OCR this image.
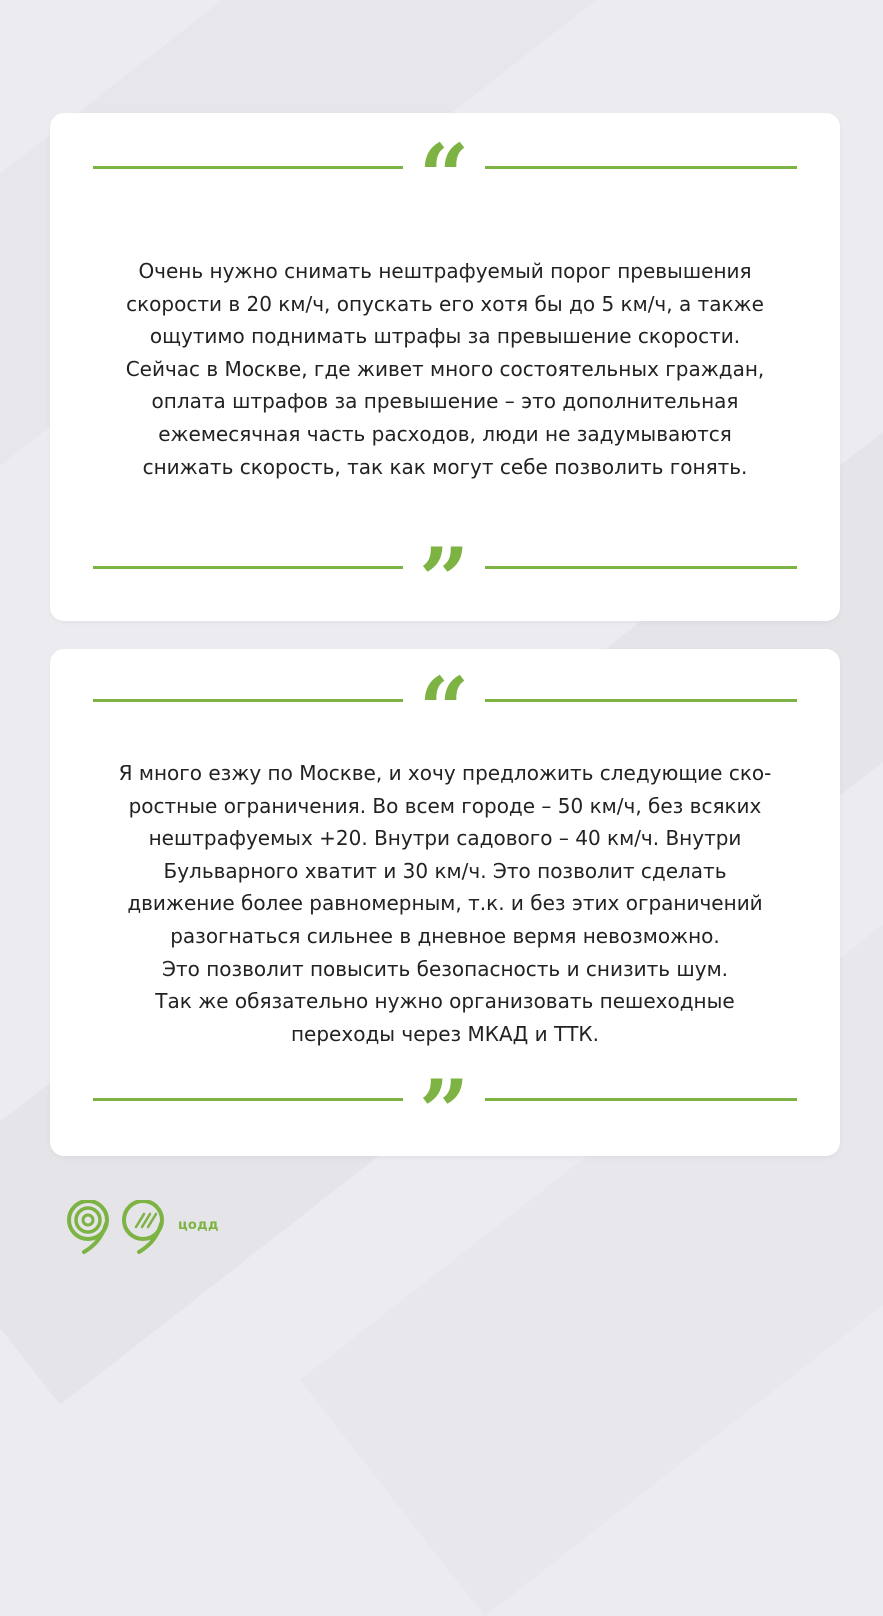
“

Очень нужно снимать нештрафуемый порог превышения
скорости в 20 км/ч, опускать его хотя бы до 5 км/ч, а также
ощутимо поднимать штрафы за превышение скорости.
Сейчас в Москве, где живет много состоятельных граждан,
оплата штрафов за превышение – это дополнительная
ежемесячная часть расходов, люди не задумываются
снижать скорость, так как могут себе позволить гонять.

”
“

Я много езжу по Москве, и хочу предложить следующие ско-
ростные ограничения. Во всем городе – 50 км/ч, без всяких
нештрафуемых +20. Внутри садового – 40 км/ч. Внутри
Бульварного хватит и 30 км/ч. Это позволит сделать
движение более равномерным, т.к. и без этих ограничений
разогнаться сильнее в дневное вермя невозможно.
Это позволит повысить безопасность и снизить шум.
Так же обязательно нужно организовать пешеходные
переходы через МКАД и ТТК.

”
цодд
